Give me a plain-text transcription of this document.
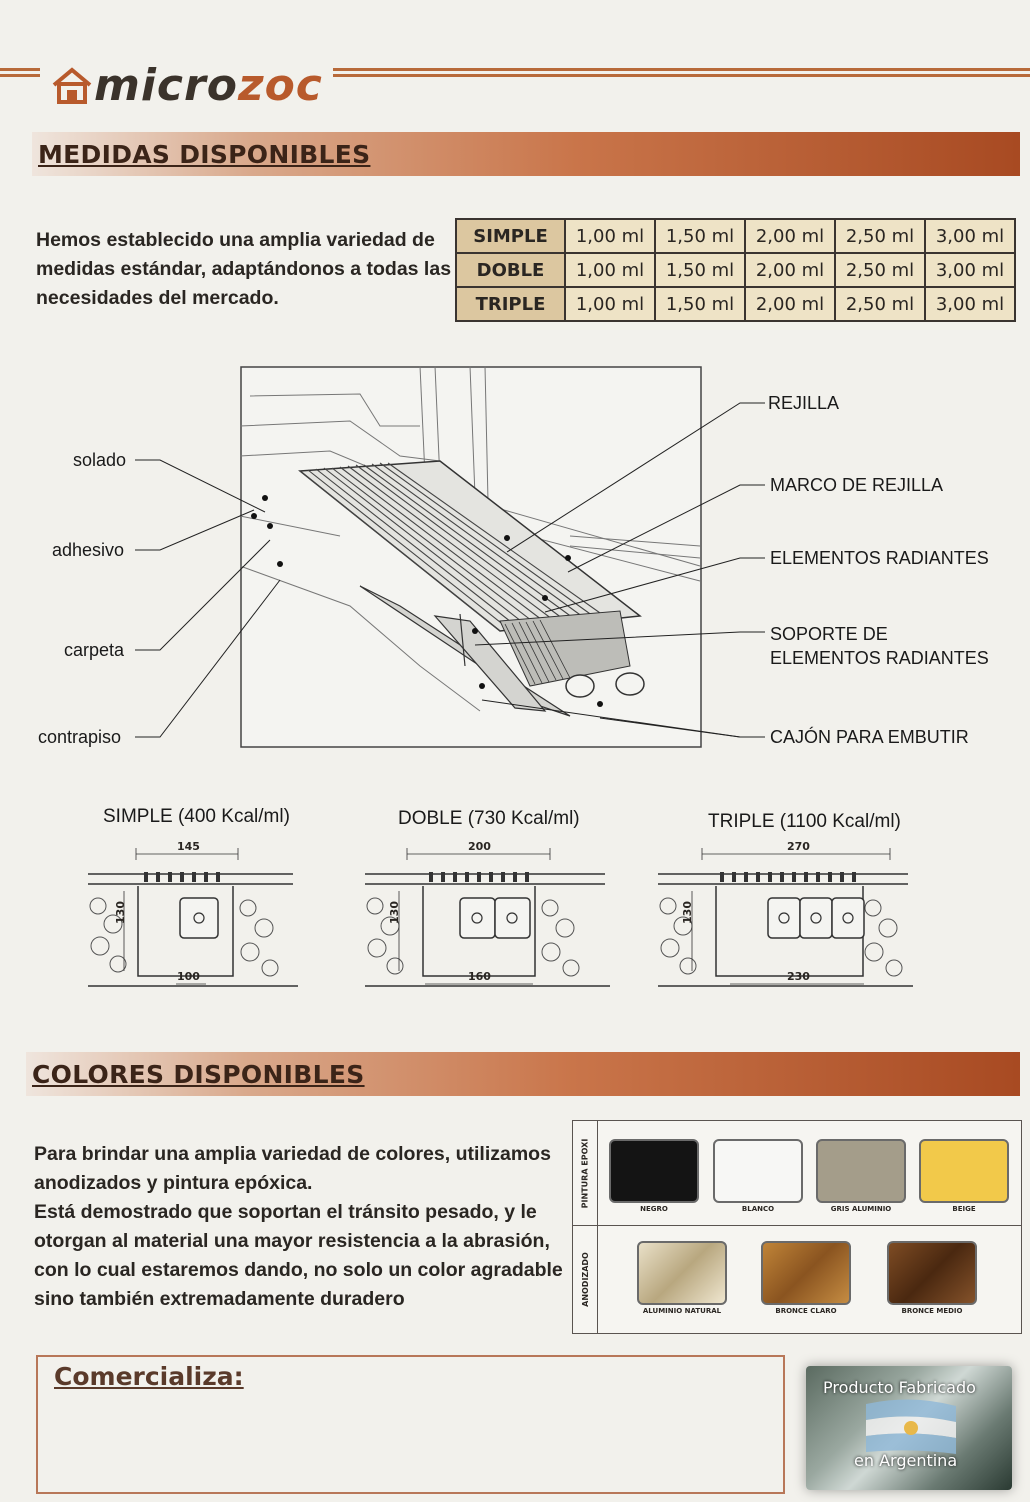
microzoc
MEDIDAS DISPONIBLES

Hemos establecido una amplia variedad de medidas estándar, adaptándonos a todas las necesidades del mercado.

SIMPLE	1,00 ml	1,50 ml	2,00 ml	2,50 ml	3,00 ml
DOBLE	1,00 ml	1,50 ml	2,00 ml	2,50 ml	3,00 ml
TRIPLE	1,00 ml	1,50 ml	2,00 ml	2,50 ml	3,00 ml
solado
adhesivo
carpeta
contrapiso
REJILLA
MARCO DE REJILLA
ELEMENTOS RADIANTES
SOPORTE DE
ELEMENTOS RADIANTES
CAJÓN PARA EMBUTIR
SIMPLE (400 Kcal/ml)	DOBLE (730 Kcal/ml)	TRIPLE (1100 Kcal/ml)
145
130
100
200
130
160
270
130
230
COLORES DISPONIBLES

Para brindar una amplia variedad de colores, utilizamos

anodizados y pintura epóxica.

Está demostrado que soportan el tránsito pesado, y le

otorgan al material una mayor resistencia a la abrasión,

con lo cual estaremos dando, no solo un color agradable

sino también extremadamente duradero

PINTURA EPOXI
ANODIZADO
NEGRO	BLANCO	GRIS ALUMINIO	BEIGE
ALUMINIO NATURAL	BRONCE CLARO	BRONCE MEDIO
Comercializa:	Producto Fabricado
en Argentina
